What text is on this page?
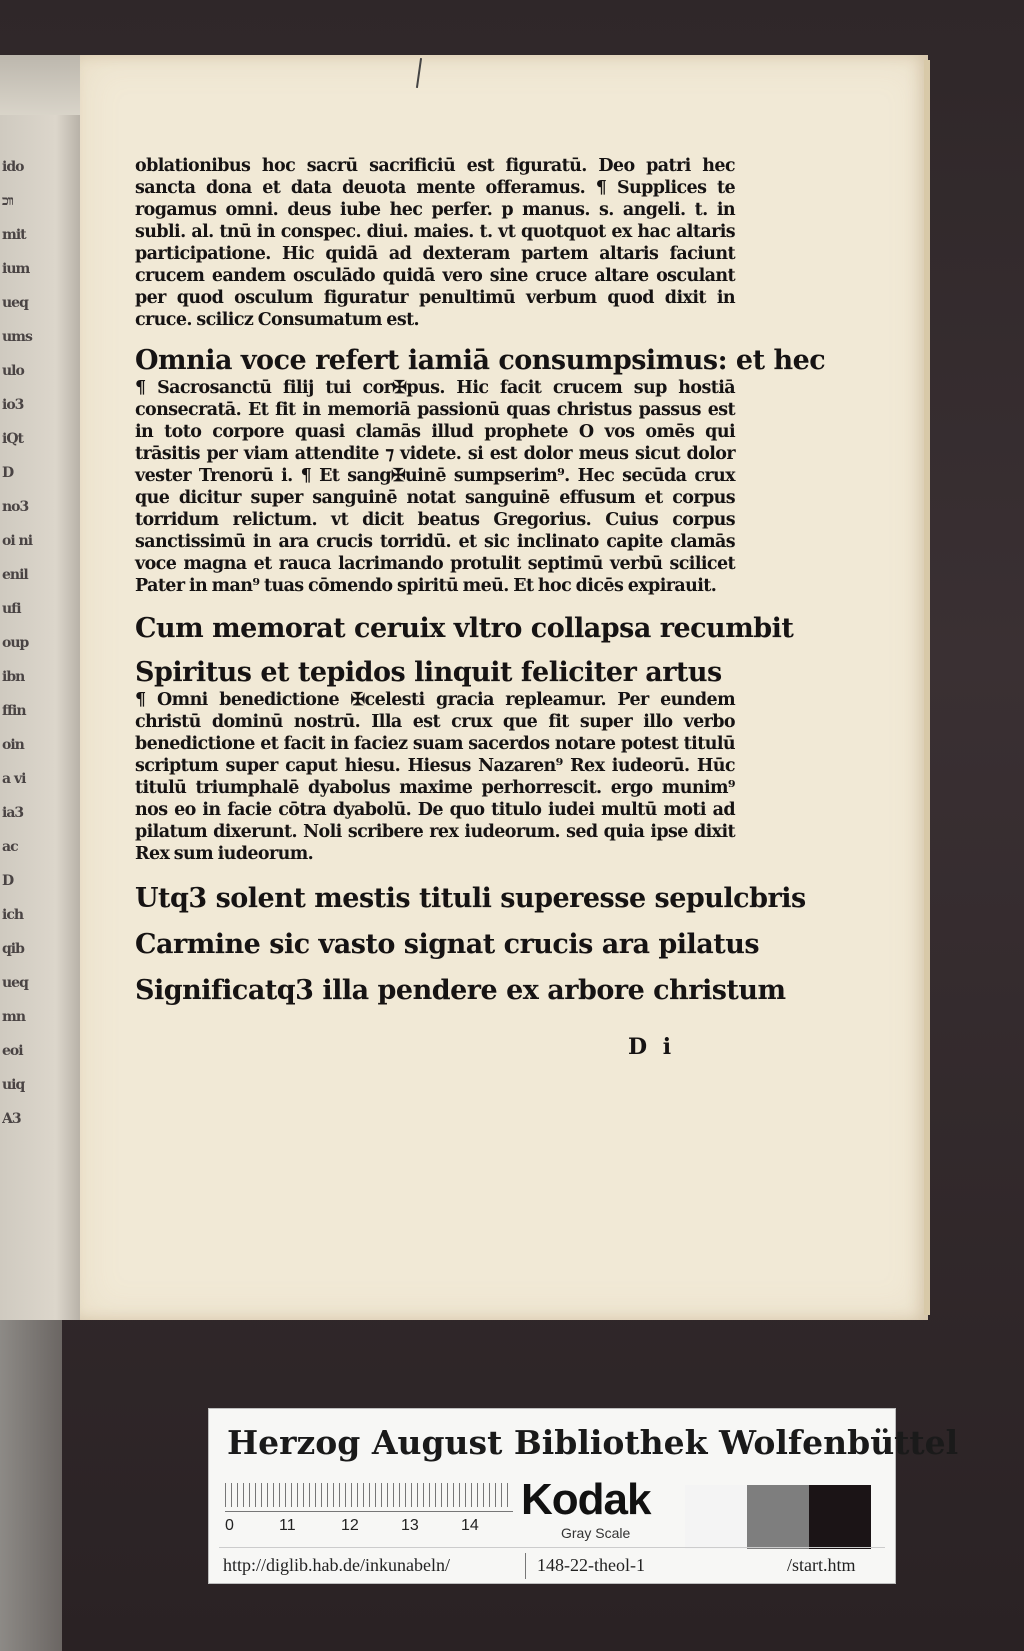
ido
ווכ
mit
ium
ueq
ums
ulo
io3
iQt
D
no3
oi ni
enil
ufi
oup
ibn
ffin
oin
a vi
ia3
ac
D
ich
qib
ueq
mn
eoi
uiq
A3

oblationibus hoc sacrū sacrificiū est figuratū. Deo patri hec sancta dona et data deuota mente offeramus. ¶ Supplices te rogamus omni. deus iube hec perfer. p manus. s. angeli. t. in subli. al. tnū in conspec. diui. maies. t. vt quotquot ex hac altaris participatione. Hic quidā ad dexteram partem altaris faciunt crucem eandem osculādo quidā vero sine cruce altare osculant per quod osculum figuratur penultimū verbum quod dixit in cruce. scilicz Consumatum est.

Omnia voce refert iamiā consumpsimus: et hec

¶ Sacrosanctū filij tui cor✠pus. Hic facit crucem sup hostiā consecratā. Et fit in memoriā passionū quas christus passus est in toto corpore quasi clamās illud prophete O vos omēs qui trāsitis per viam attendite ⁊ videte. si est dolor meus sicut dolor vester Trenorū i. ¶ Et sang✠uinē sumpserim⁹. Hec secūda crux que dicitur super sanguinē notat sanguinē effusum et corpus torridum relictum. vt dicit beatus Gregorius. Cuius corpus sanctissimū in ara crucis torridū. et sic inclinato capite clamās voce magna et rauca lacrimando protulit septimū verbū scilicet Pater in man⁹ tuas cōmendo spiritū meū. Et hoc dicēs expirauit.

Cum memorat ceruix vltro collapsa recumbit

Spiritus et tepidos linquit feliciter artus

¶ Omni benedictione ✠celesti gracia repleamur. Per eundem christū dominū nostrū. Illa est crux que fit super illo verbo benedictione et facit in faciez suam sacerdos notare potest titulū scriptum super caput hiesu. Hiesus Nazaren⁹ Rex iudeorū. Hūc titulū triumphalē dyabolus maxime perhorrescit. ergo munim⁹ nos eo in facie cōtra dyabolū. De quo titulo iudei multū moti ad pilatum dixerunt. Noli scribere rex iudeorum. sed quia ipse dixit Rex sum iudeorum.

Utq3 solent mestis tituli superesse sepulcbris

Carmine sic vasto signat crucis ara pilatus

Significatq3 illa pendere ex arbore christum

D i
Herzog August Bibliothek Wolfenbüttel
0	11	12	13	14
Kodak
Gray Scale
http://diglib.hab.de/inkunabeln/	148-22-theol-1	/start.htm
